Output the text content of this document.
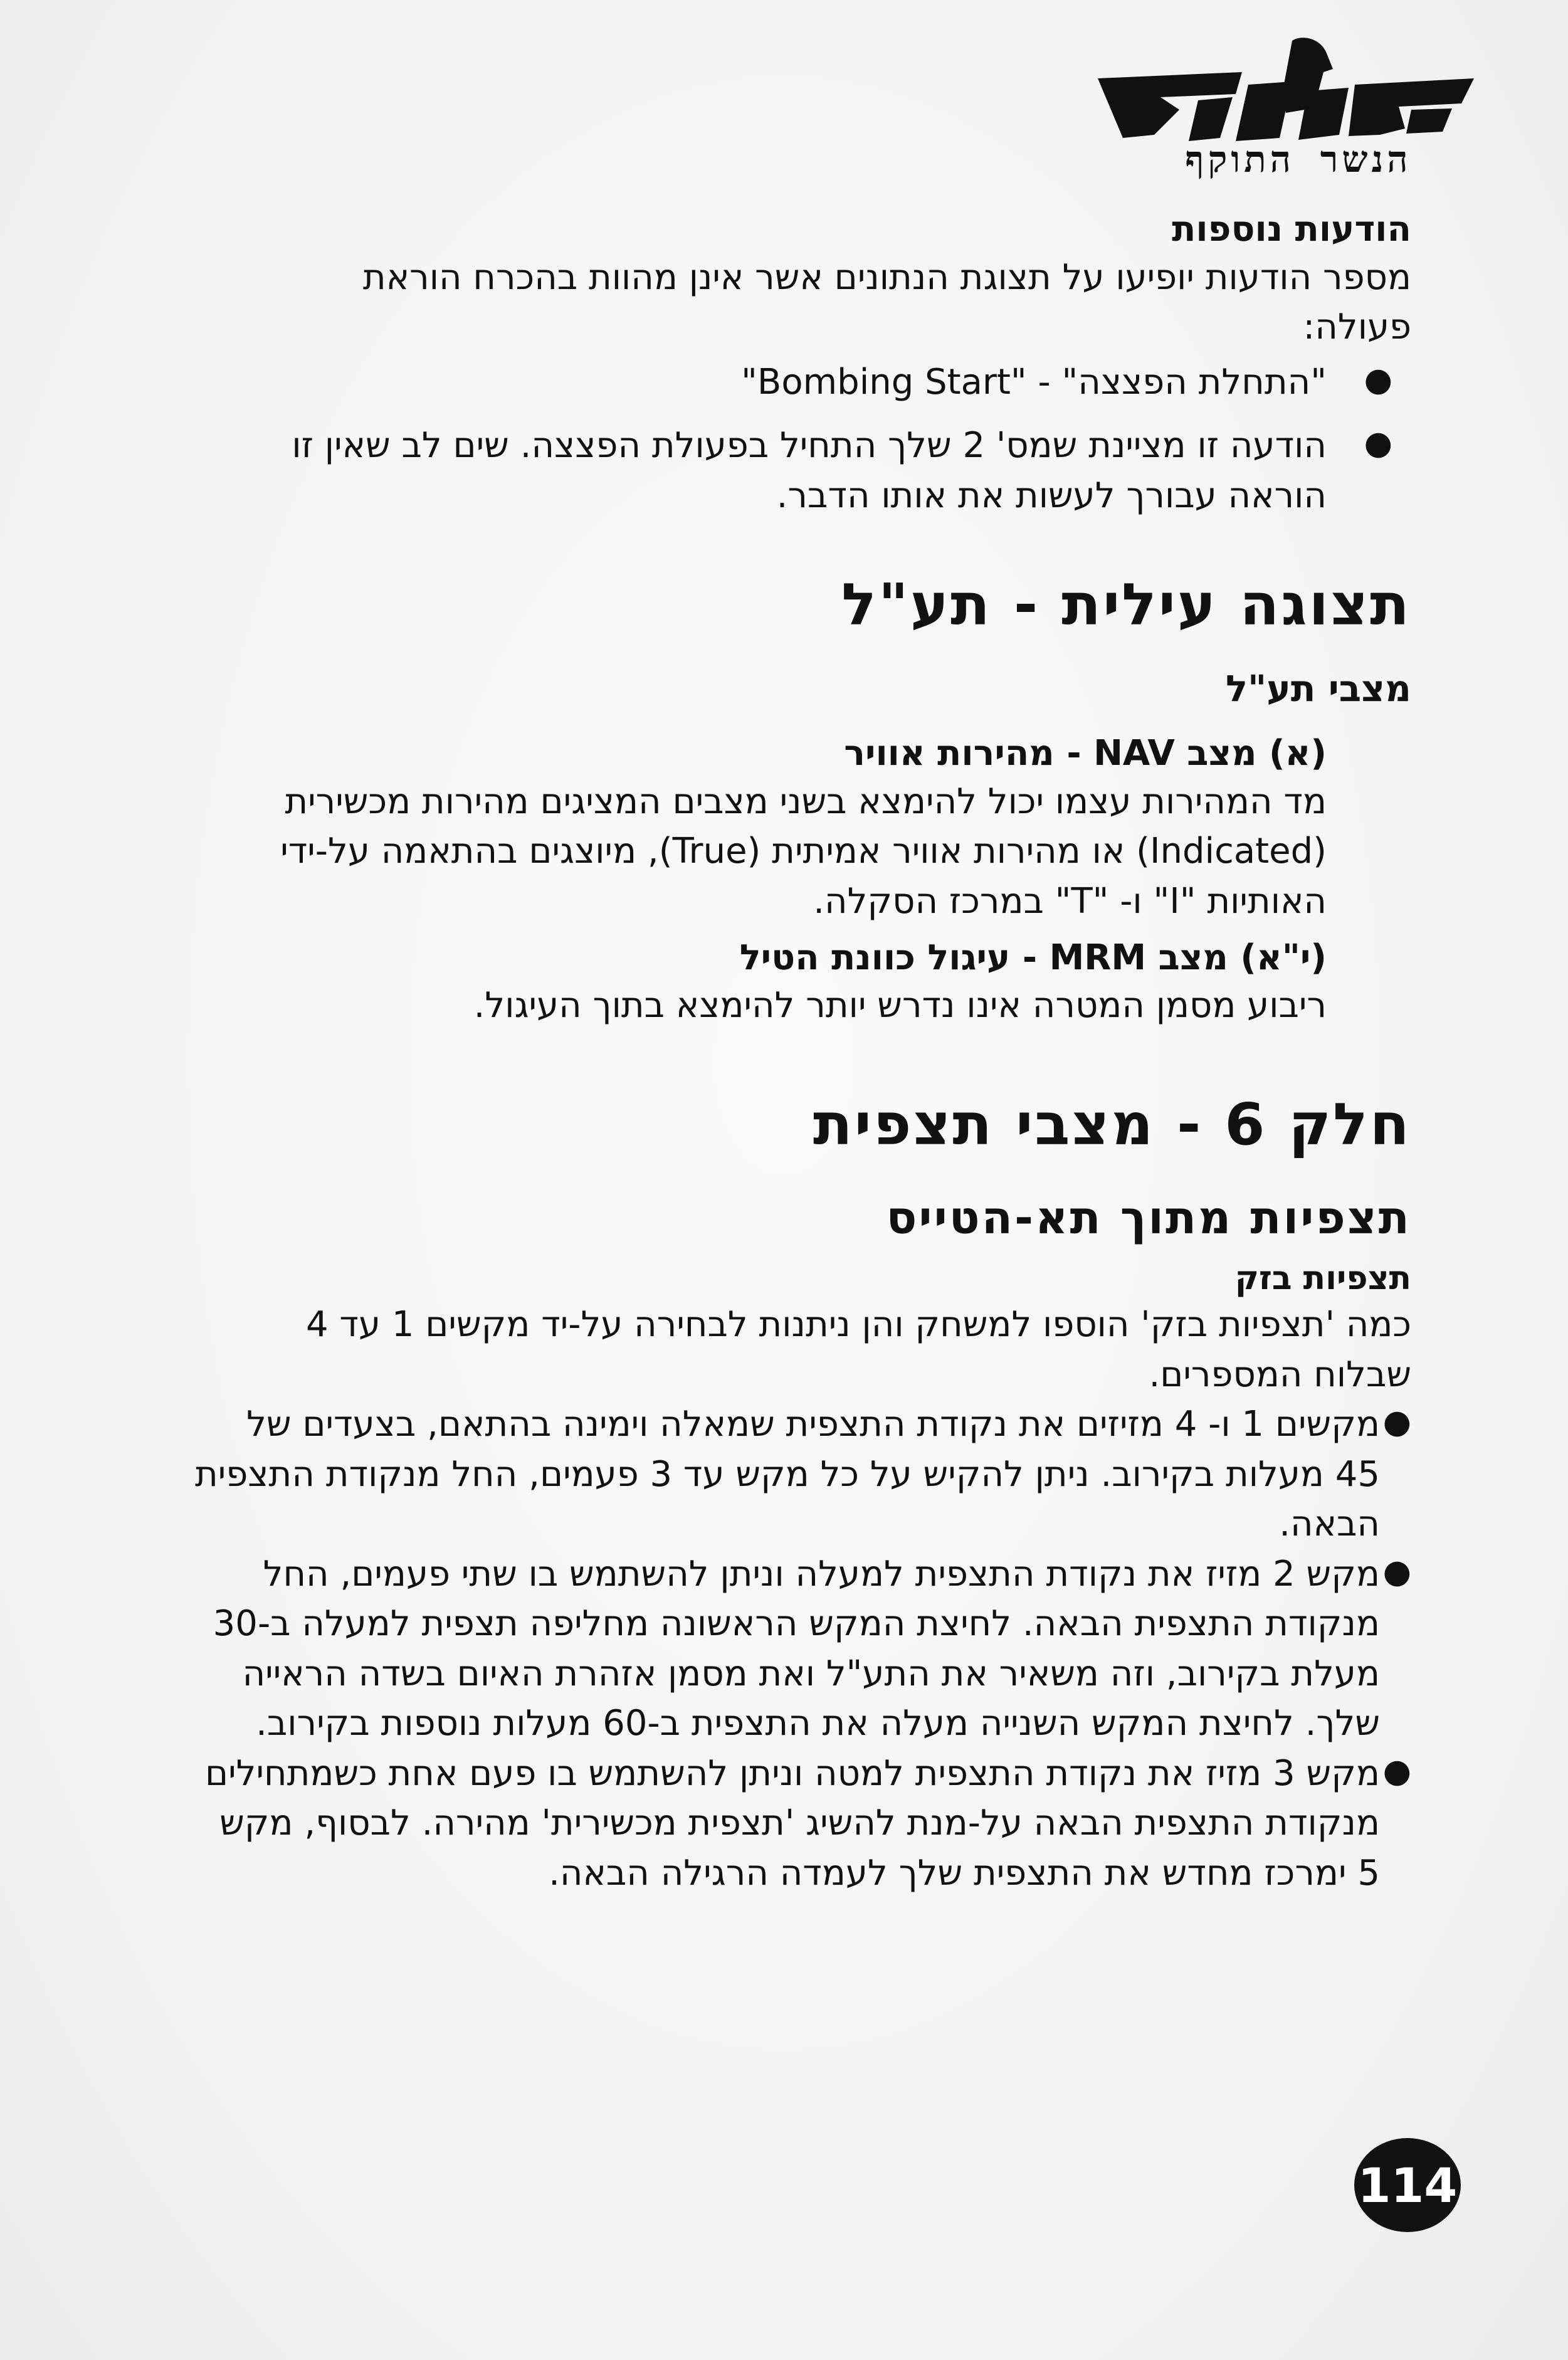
הנשר התוקף

הודעות נוספות

מספר הודעות יופיעו על תצוגת הנתונים אשר אינן מהוות בהכרח הוראת פעולה:

●
"התחלת הפצצה" - "Bombing Start"
●
הודעה זו מציינת שמס' 2 שלך התחיל בפעולת הפצצה. שים לב שאין זו הוראה עבורך לעשות את אותו הדבר.

תצוגה עילית - תע"ל

מצבי תע"ל

(א) מצב NAV - מהירות אוויר

מד המהירות עצמו יכול להימצא בשני מצבים המציגים מהירות מכשירית (Indicated) או מהירות אוויר אמיתית (True), מיוצגים בהתאמה על-ידי האותיות "I" ו- "T" במרכז הסקלה.

(י"א) מצב MRM - עיגול כוונת הטיל

ריבוע מסמן המטרה אינו נדרש יותר להימצא בתוך העיגול.

חלק 6 - מצבי תצפית

תצפיות מתוך תא-הטייס

תצפיות בזק

כמה 'תצפיות בזק' הוספו למשחק והן ניתנות לבחירה על-יד מקשים 1 עד 4 שבלוח המספרים.

●
מקשים 1 ו- 4 מזיזים את נקודת התצפית שמאלה וימינה בהתאם, בצעדים של 45 מעלות בקירוב. ניתן להקיש על כל מקש עד 3 פעמים, החל מנקודת התצפית הבאה.
●
מקש 2 מזיז את נקודת התצפית למעלה וניתן להשתמש בו שתי פעמים, החל מנקודת התצפית הבאה. לחיצת המקש הראשונה מחליפה תצפית למעלה ב-30 מעלת בקירוב, וזה משאיר את התע"ל ואת מסמן אזהרת האיום בשדה הראייה שלך. לחיצת המקש השנייה מעלה את התצפית ב-60 מעלות נוספות בקירוב.
●
מקש 3 מזיז את נקודת התצפית למטה וניתן להשתמש בו פעם אחת כשמתחילים מנקודת התצפית הבאה על-מנת להשיג 'תצפית מכשירית' מהירה. לבסוף, מקש 5 ימרכז מחדש את התצפית שלך לעמדה הרגילה הבאה.
114
